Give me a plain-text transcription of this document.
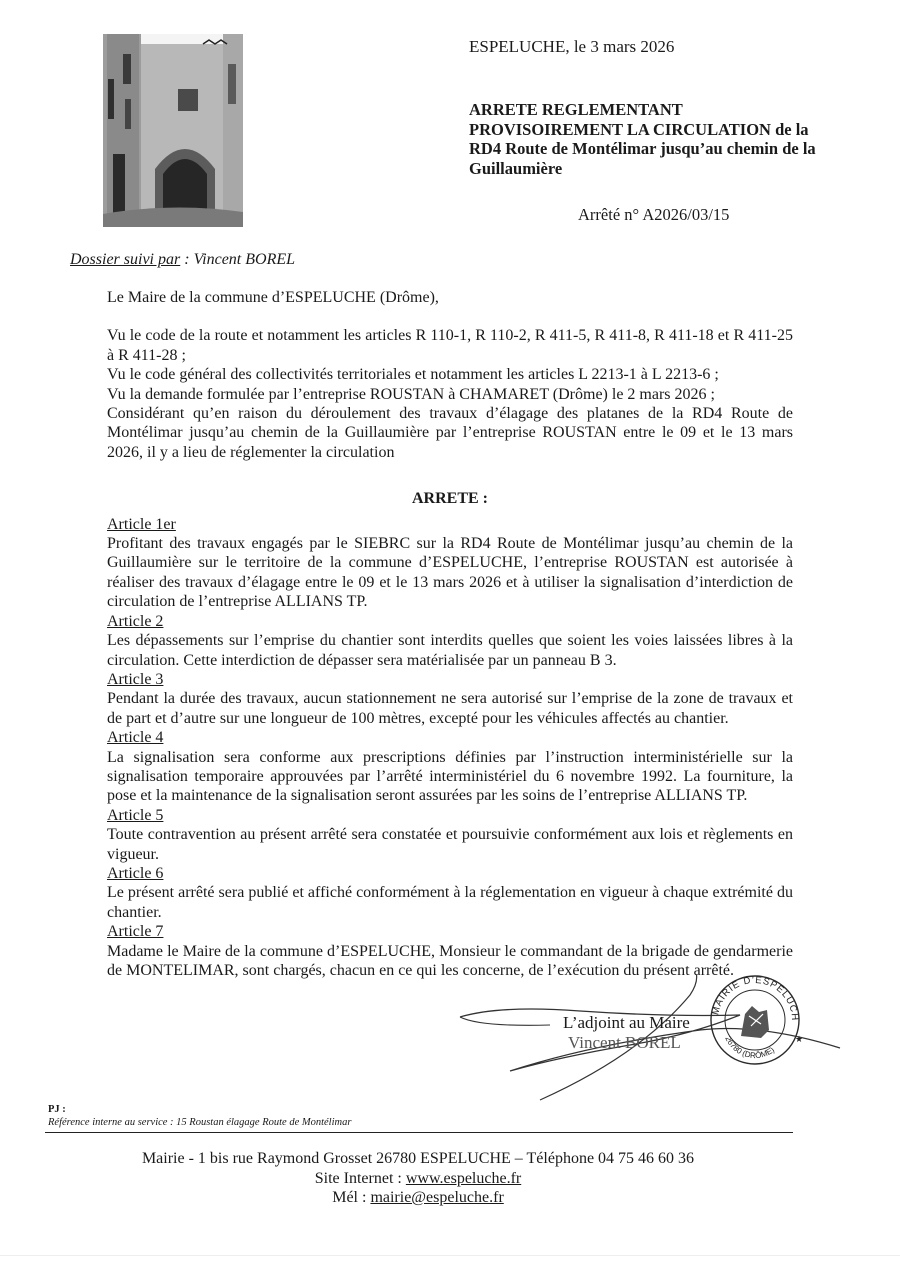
ESPELUCHE, le 3 mars 2026
ARRETE REGLEMENTANT
PROVISOIREMENT LA CIRCULATION de la
RD4 Route de Montélimar jusqu’au chemin de la
Guillaumière
Arrêté n° A2026/03/15
Dossier suivi par : Vincent BOREL

Le Maire de la commune d’ESPELUCHE (Drôme),

Vu le code de la route et notamment les articles R 110-1, R 110-2, R 411-5, R 411-8, R 411-18 et R 411-25 à R 411-28 ;

Vu le code général des collectivités territoriales et notamment les articles L 2213-1 à L 2213-6 ;

Vu la demande formulée par l’entreprise ROUSTAN à CHAMARET (Drôme) le 2 mars 2026 ;

Considérant qu’en raison du déroulement des travaux d’élagage des platanes de la RD4 Route de Montélimar jusqu’au chemin de la Guillaumière par l’entreprise ROUSTAN entre le 09 et le 13 mars 2026, il y a lieu de réglementer la circulation

ARRETE :

Article 1er

Profitant des travaux engagés par le SIEBRC sur la RD4 Route de Montélimar jusqu’au chemin de la Guillaumière sur le territoire de la commune d’ESPELUCHE, l’entreprise ROUSTAN est autorisée à réaliser des travaux d’élagage entre le 09 et le 13 mars 2026 et à utiliser la signalisation d’interdiction de circulation de l’entreprise ALLIANS TP.

Article 2

Les dépassements sur l’emprise du chantier sont interdits quelles que soient les voies laissées libres à la circulation. Cette interdiction de dépasser sera matérialisée par un panneau B 3.

Article 3

Pendant la durée des travaux, aucun stationnement ne sera autorisé sur l’emprise de la zone de travaux et de part et d’autre sur une longueur de 100 mètres, excepté pour les véhicules affectés au chantier.

Article 4

La signalisation sera conforme aux prescriptions définies par l’instruction interministérielle sur la signalisation temporaire approuvées par l’arrêté interministériel du 6 novembre 1992. La fourniture, la pose et la maintenance de la signalisation seront assurées par les soins de l’entreprise ALLIANS TP.

Article 5

Toute contravention au présent arrêté sera constatée et poursuivie conformément aux lois et règlements en vigueur.

Article 6

Le présent arrêté sera publié et affiché conformément à la réglementation en vigueur à chaque extrémité du chantier.

Article 7

Madame le Maire de la commune d’ESPELUCHE, Monsieur le commandant de la brigade de gendarmerie de MONTELIMAR, sont chargés, chacun en ce qui les concerne, de l’exécution du présent arrêté.

MAIRIE D’ESPELUCH
26780 (DRÔME)
★
L’adjoint au Maire
Vincent BOREL
PJ :
Référence interne au service : 15 Roustan élagage Route de Montélimar
Mairie - 1 bis rue Raymond Grosset 26780 ESPELUCHE – Téléphone 04 75 46 60 36
Site Internet : www.espeluche.fr
Mél : mairie@espeluche.fr
